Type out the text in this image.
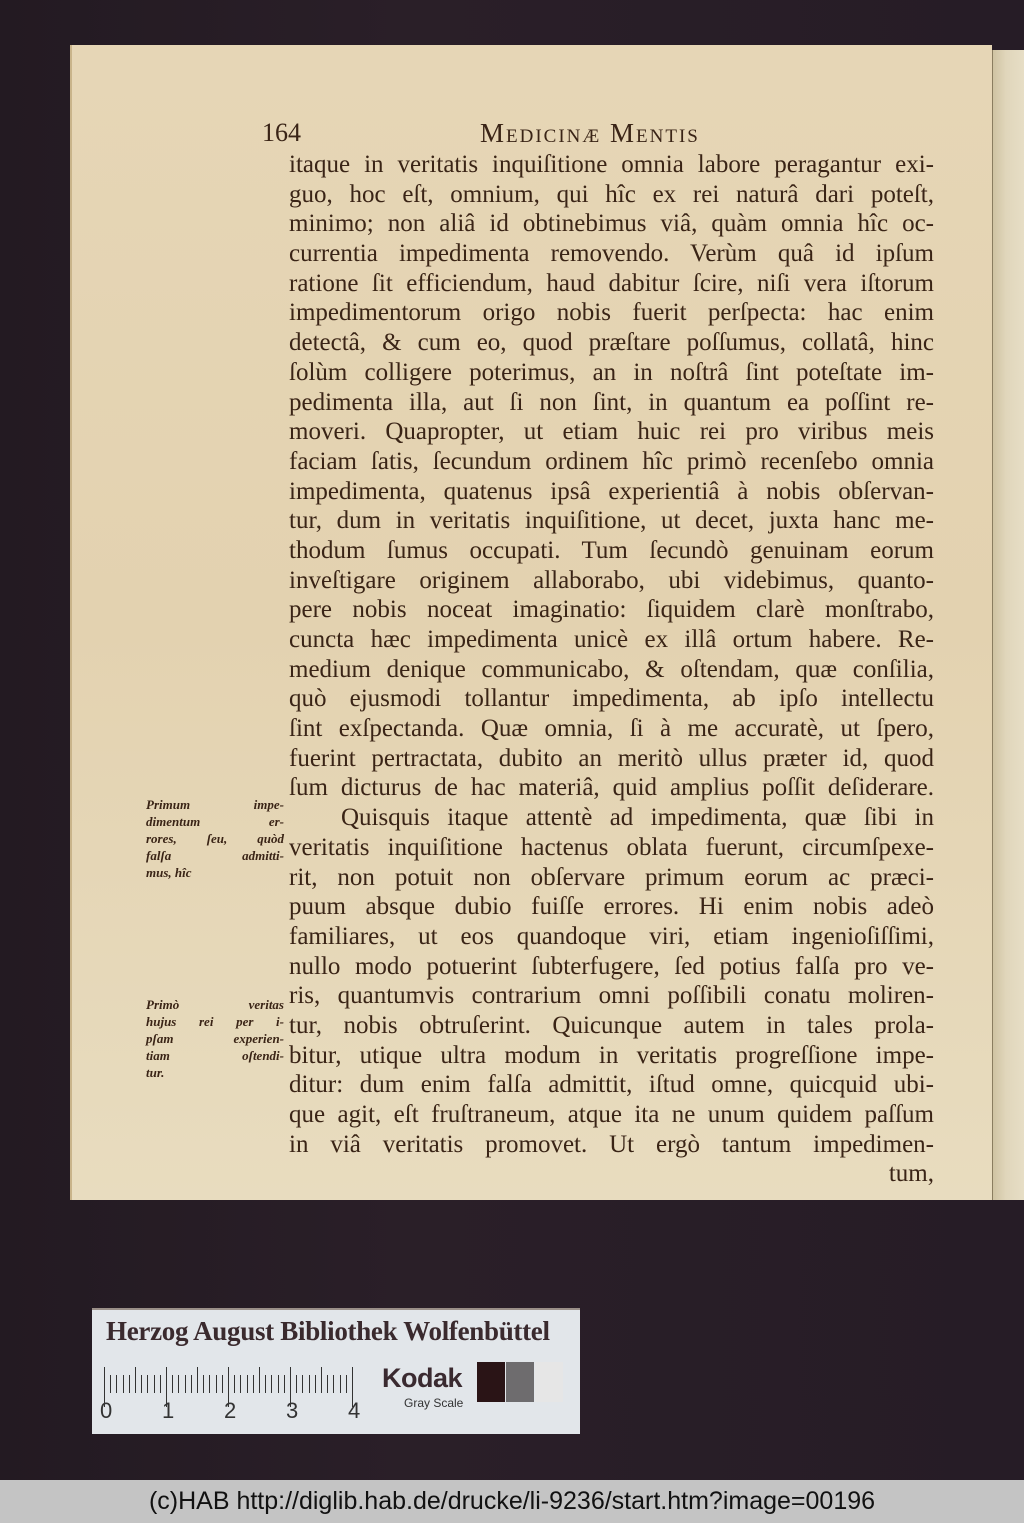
164	Medicinæ Mentis
itaque in veritatis inquiſitione omnia labore peragantur exi-
guo, hoc eſt, omnium, qui hîc ex rei naturâ dari poteſt,
minimo; non aliâ id obtinebimus viâ, quàm omnia hîc oc-
currentia impedimenta removendo. Verùm quâ id ipſum
ratione ſit efficiendum, haud dabitur ſcire, niſi vera iſtorum
impedimentorum origo nobis fuerit perſpecta: hac enim
detectâ, & cum eo, quod præſtare poſſumus, collatâ, hinc
ſolùm colligere poterimus, an in noſtrâ ſint poteſtate im-
pedimenta illa, aut ſi non ſint, in quantum ea poſſint re-
moveri. Quapropter, ut etiam huic rei pro viribus meis
faciam ſatis, ſecundum ordinem hîc primò recenſebo omnia
impedimenta, quatenus ipsâ experientiâ à nobis obſervan-
tur, dum in veritatis inquiſitione, ut decet, juxta hanc me-
thodum ſumus occupati. Tum ſecundò genuinam eorum
inveſtigare originem allaborabo, ubi videbimus, quanto-
pere nobis noceat imaginatio: ſiquidem clarè monſtrabo,
cuncta hæc impedimenta unicè ex illâ ortum habere. Re-
medium denique communicabo, & oſtendam, quæ conſilia,
quò ejusmodi tollantur impedimenta, ab ipſo intellectu
ſint exſpectanda. Quæ omnia, ſi à me accuratè, ut ſpero,
fuerint pertractata, dubito an meritò ullus præter id, quod
ſum dicturus de hac materiâ, quid amplius poſſit deſiderare.
Quisquis itaque attentè ad impedimenta, quæ ſibi in
veritatis inquiſitione hactenus oblata fuerunt, circumſpexe-
rit, non potuit non obſervare primum eorum ac præci-
puum absque dubio fuiſſe errores. Hi enim nobis adeò
familiares, ut eos quandoque viri, etiam ingenioſiſſimi,
nullo modo potuerint ſubterfugere, ſed potius falſa pro ve-
ris, quantumvis contrarium omni poſſibili conatu moliren-
tur, nobis obtruſerint. Quicunque autem in tales prola-
bitur, utique ultra modum in veritatis progreſſione impe-
ditur: dum enim falſa admittit, iſtud omne, quicquid ubi-
que agit, eſt fruſtraneum, atque ita ne unum quidem paſſum
in viâ veritatis promovet. Ut ergò tantum impedimen-
tum,
Primum impe-
dimentum er-
rores, ſeu, quòd
falſa admitti-
mus, hîc
Primò veritas
hujus rei per i-
pſam experien-
tiam oſtendi-
tur.
Herzog August Bibliothek Wolfenbüttel
0 1 2 3 4
Kodak
Gray Scale
(c)HAB http://diglib.hab.de/drucke/li-9236/start.htm?image=00196
